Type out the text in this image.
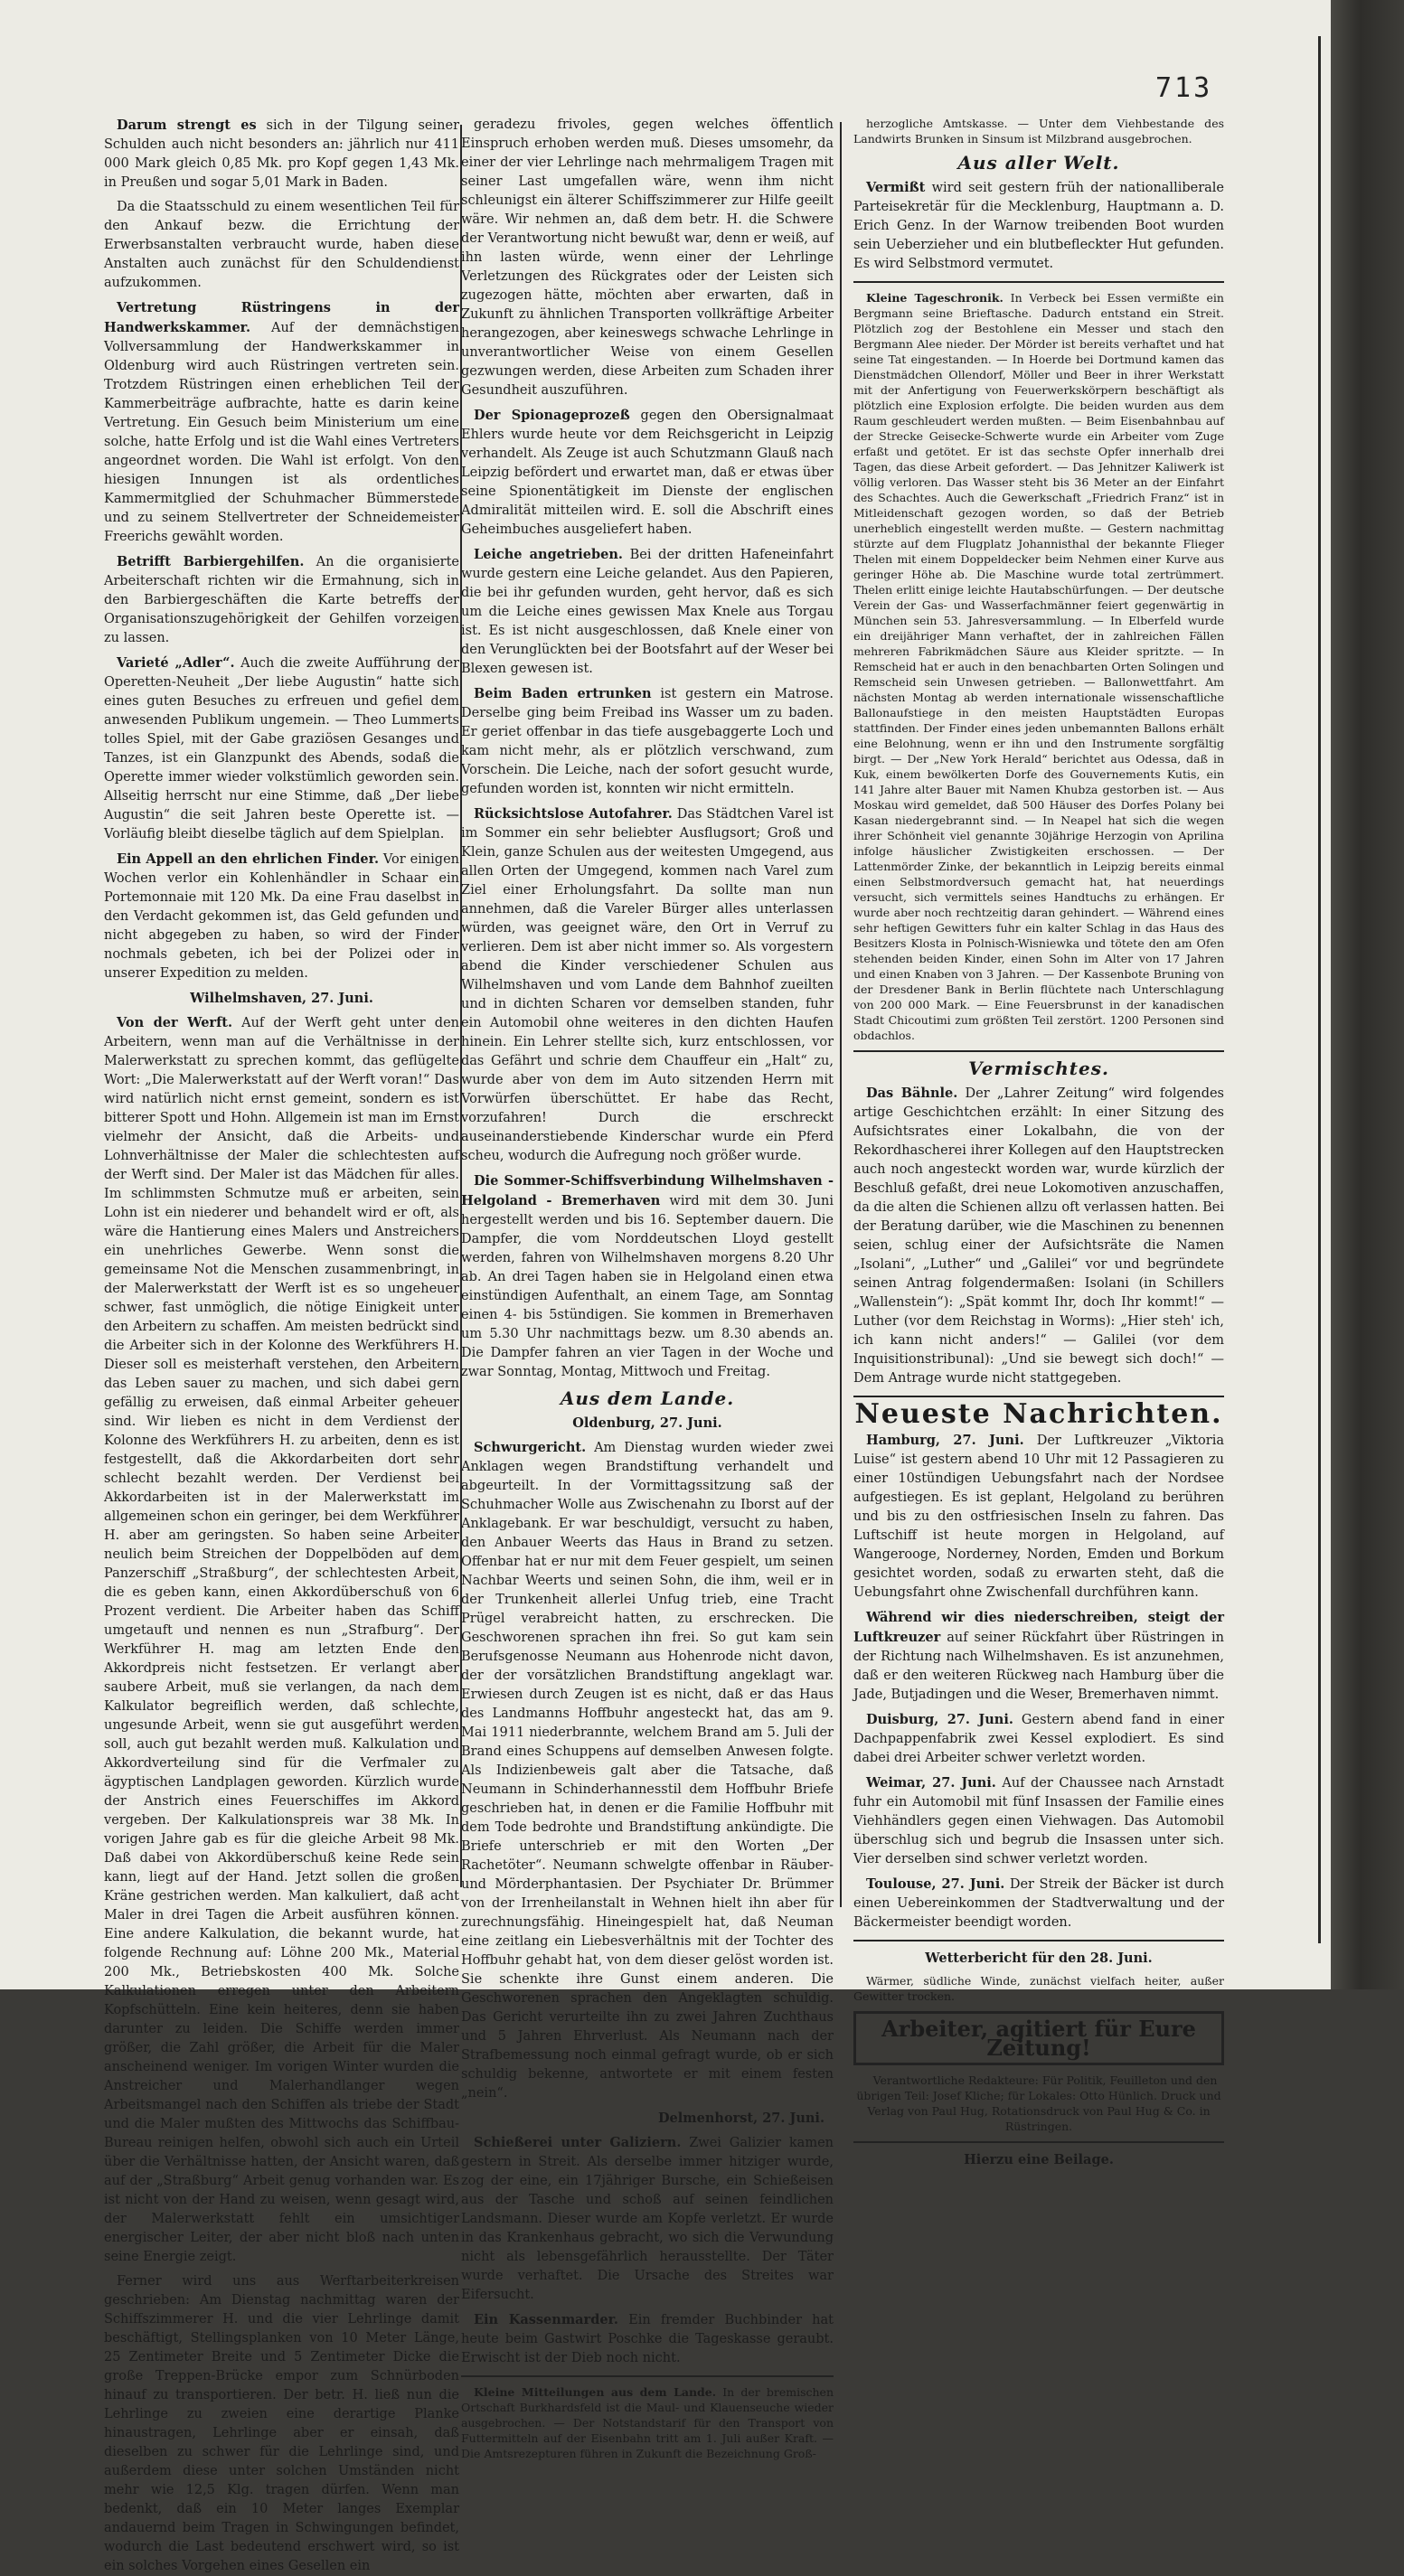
713

Darum strengt es sich in der Tilgung seiner Schulden auch nicht besonders an: jährlich nur 411 000 Mark gleich 0,85 Mk. pro Kopf gegen 1,43 Mk. in Preußen und sogar 5,01 Mark in Baden.

Da die Staatsschuld zu einem wesentlichen Teil für den Ankauf bezw. die Errichtung der Erwerbsanstalten verbraucht wurde, haben diese Anstalten auch zunächst für den Schuldendienst aufzukommen.

Vertretung Rüstringens in der Handwerkskammer. Auf der demnächstigen Vollversammlung der Handwerkskammer in Oldenburg wird auch Rüstringen vertreten sein. Trotzdem Rüstringen einen erheblichen Teil der Kammerbeiträge aufbrachte, hatte es darin keine Vertretung. Ein Gesuch beim Ministerium um eine solche, hatte Erfolg und ist die Wahl eines Vertreters angeordnet worden. Die Wahl ist erfolgt. Von den hiesigen Innungen ist als ordentliches Kammermitglied der Schuhmacher Bümmerstede und zu seinem Stellvertreter der Schneidemeister Freerichs gewählt worden.

Betrifft Barbiergehilfen. An die organisierte Arbeiterschaft richten wir die Ermahnung, sich in den Barbiergeschäften die Karte betreffs der Organisationszugehörigkeit der Gehilfen vorzeigen zu lassen.

Varieté „Adler“. Auch die zweite Aufführung der Operetten-Neuheit „Der liebe Augustin“ hatte sich eines guten Besuches zu erfreuen und gefiel dem anwesenden Publikum ungemein. — Theo Lummerts tolles Spiel, mit der Gabe graziösen Gesanges und Tanzes, ist ein Glanzpunkt des Abends, sodaß die Operette immer wieder volkstümlich geworden sein. Allseitig herrscht nur eine Stimme, daß „Der liebe Augustin“ die seit Jahren beste Operette ist. — Vorläufig bleibt dieselbe täglich auf dem Spielplan.

Ein Appell an den ehrlichen Finder. Vor einigen Wochen verlor ein Kohlenhändler in Schaar ein Portemonnaie mit 120 Mk. Da eine Frau daselbst in den Verdacht gekommen ist, das Geld gefunden und nicht abgegeben zu haben, so wird der Finder nochmals gebeten, ich bei der Polizei oder in unserer Expedition zu melden.

Wilhelmshaven, 27. Juni.

Von der Werft. Auf der Werft geht unter den Arbeitern, wenn man auf die Verhältnisse in der Malerwerkstatt zu sprechen kommt, das geflügelte Wort: „Die Malerwerkstatt auf der Werft voran!“ Das wird natürlich nicht ernst gemeint, sondern es ist bitterer Spott und Hohn. Allgemein ist man im Ernst vielmehr der Ansicht, daß die Arbeits- und Lohnverhältnisse der Maler die schlechtesten auf der Werft sind. Der Maler ist das Mädchen für alles. Im schlimmsten Schmutze muß er arbeiten, sein Lohn ist ein niederer und behandelt wird er oft, als wäre die Hantierung eines Malers und Anstreichers ein unehrliches Gewerbe. Wenn sonst die gemeinsame Not die Menschen zusammenbringt, in der Malerwerkstatt der Werft ist es so ungeheuer schwer, fast unmöglich, die nötige Einigkeit unter den Arbeitern zu schaffen. Am meisten bedrückt sind die Arbeiter sich in der Kolonne des Werkführers H. Dieser soll es meisterhaft verstehen, den Arbeitern das Leben sauer zu machen, und sich dabei gern gefällig zu erweisen, daß einmal Arbeiter geheuer sind. Wir lieben es nicht in dem Verdienst der Kolonne des Werkführers H. zu arbeiten, denn es ist festgestellt, daß die Akkordarbeiten dort sehr schlecht bezahlt werden. Der Verdienst bei Akkordarbeiten ist in der Malerwerkstatt im allgemeinen schon ein geringer, bei dem Werkführer H. aber am geringsten. So haben seine Arbeiter neulich beim Streichen der Doppelböden auf dem Panzerschiff „Straßburg“, der schlechtesten Arbeit, die es geben kann, einen Akkordüberschuß von 6 Prozent verdient. Die Arbeiter haben das Schiff umgetauft und nennen es nun „Strafburg“. Der Werkführer H. mag am letzten Ende den Akkordpreis nicht festsetzen. Er verlangt aber saubere Arbeit, muß sie verlangen, da nach dem Kalkulator begreiflich werden, daß schlechte, ungesunde Arbeit, wenn sie gut ausgeführt werden soll, auch gut bezahlt werden muß. Kalkulation und Akkordverteilung sind für die Verfmaler zu ägyptischen Landplagen geworden. Kürzlich wurde der Anstrich eines Feuerschiffes im Akkord vergeben. Der Kalkulationspreis war 38 Mk. In vorigen Jahre gab es für die gleiche Arbeit 98 Mk. Daß dabei von Akkordüberschuß keine Rede sein kann, liegt auf der Hand. Jetzt sollen die großen Kräne gestrichen werden. Man kalkuliert, daß acht Maler in drei Tagen die Arbeit ausführen können. Eine andere Kalkulation, die bekannt wurde, hat folgende Rechnung auf: Löhne 200 Mk., Material 200 Mk., Betriebskosten 400 Mk. Solche Kalkulationen erregen unter den Arbeitern Kopfschütteln. Eine kein heiteres, denn sie haben darunter zu leiden. Die Schiffe werden immer größer, die Zahl größer, die Arbeit für die Maler anscheinend weniger. Im vorigen Winter wurden die Anstreicher und Malerhandlanger wegen Arbeitsmangel nach den Schiffen als triebe der Stadt und die Maler mußten des Mittwochs das Schiffbau-Bureau reinigen helfen, obwohl sich auch ein Urteil über die Verhältnisse hatten, der Ansicht waren, daß auf der „Straßburg“ Arbeit genug vorhanden war. Es ist nicht von der Hand zu weisen, wenn gesagt wird, der Malerwerkstatt fehlt ein umsichtiger energischer Leiter, der aber nicht bloß nach unten seine Energie zeigt.

Ferner wird uns aus Werftarbeiterkreisen geschrieben: Am Dienstag nachmittag waren der Schiffszimmerer H. und die vier Lehrlinge damit beschäftigt, Stellingsplanken von 10 Meter Länge, 25 Zentimeter Breite und 5 Zentimeter Dicke die große Treppen-Brücke empor zum Schnürboden hinauf zu transportieren. Der betr. H. ließ nun die Lehrlinge zu zweien eine derartige Planke hinaustragen, Lehrlinge aber er einsah, daß dieselben zu schwer für die Lehrlinge sind, und außerdem diese unter solchen Umständen nicht mehr wie 12,5 Klg. tragen dürfen. Wenn man bedenkt, daß ein 10 Meter langes Exemplar andauernd beim Tragen in Schwingungen befindet, wodurch die Last bedeutend erschwert wird, so ist ein solches Vorgehen eines Gesellen ein

geradezu frivoles, gegen welches öffentlich Einspruch erhoben werden muß. Dieses umsomehr, da einer der vier Lehrlinge nach mehrmaligem Tragen mit seiner Last umgefallen wäre, wenn ihm nicht schleunigst ein älterer Schiffszimmerer zur Hilfe geeilt wäre. Wir nehmen an, daß dem betr. H. die Schwere der Verantwortung nicht bewußt war, denn er weiß, auf ihn lasten würde, wenn einer der Lehrlinge Verletzungen des Rückgrates oder der Leisten sich zugezogen hätte, möchten aber erwarten, daß in Zukunft zu ähnlichen Transporten vollkräftige Arbeiter herangezogen, aber keineswegs schwache Lehrlinge in unverantwortlicher Weise von einem Gesellen gezwungen werden, diese Arbeiten zum Schaden ihrer Gesundheit auszuführen.

Der Spionageprozeß gegen den Obersignalmaat Ehlers wurde heute vor dem Reichsgericht in Leipzig verhandelt. Als Zeuge ist auch Schutzmann Glauß nach Leipzig befördert und erwartet man, daß er etwas über seine Spionentätigkeit im Dienste der englischen Admiralität mitteilen wird. E. soll die Abschrift eines Geheimbuches ausgeliefert haben.

Leiche angetrieben. Bei der dritten Hafeneinfahrt wurde gestern eine Leiche gelandet. Aus den Papieren, die bei ihr gefunden wurden, geht hervor, daß es sich um die Leiche eines gewissen Max Knele aus Torgau ist. Es ist nicht ausgeschlossen, daß Knele einer von den Verunglückten bei der Bootsfahrt auf der Weser bei Blexen gewesen ist.

Beim Baden ertrunken ist gestern ein Matrose. Derselbe ging beim Freibad ins Wasser um zu baden. Er geriet offenbar in das tiefe ausgebaggerte Loch und kam nicht mehr, als er plötzlich verschwand, zum Vorschein. Die Leiche, nach der sofort gesucht wurde, gefunden worden ist, konnten wir nicht ermitteln.

Rücksichtslose Autofahrer. Das Städtchen Varel ist im Sommer ein sehr beliebter Ausflugsort; Groß und Klein, ganze Schulen aus der weitesten Umgegend, aus allen Orten der Umgegend, kommen nach Varel zum Ziel einer Erholungsfahrt. Da sollte man nun annehmen, daß die Vareler Bürger alles unterlassen würden, was geeignet wäre, den Ort in Verruf zu verlieren. Dem ist aber nicht immer so. Als vorgestern abend die Kinder verschiedener Schulen aus Wilhelmshaven und vom Lande dem Bahnhof zueilten und in dichten Scharen vor demselben standen, fuhr ein Automobil ohne weiteres in den dichten Haufen hinein. Ein Lehrer stellte sich, kurz entschlossen, vor das Gefährt und schrie dem Chauffeur ein „Halt“ zu, wurde aber von dem im Auto sitzenden Herrn mit Vorwürfen überschüttet. Er habe das Recht, vorzufahren! Durch die erschreckt auseinanderstiebende Kinderschar wurde ein Pferd scheu, wodurch die Aufregung noch größer wurde.

Die Sommer-Schiffsverbindung Wilhelmshaven - Helgoland - Bremerhaven wird mit dem 30. Juni hergestellt werden und bis 16. September dauern. Die Dampfer, die vom Norddeutschen Lloyd gestellt werden, fahren von Wilhelmshaven morgens 8.20 Uhr ab. An drei Tagen haben sie in Helgoland einen etwa einstündigen Aufenthalt, an einem Tage, am Sonntag einen 4- bis 5stündigen. Sie kommen in Bremerhaven um 5.30 Uhr nachmittags bezw. um 8.30 abends an. Die Dampfer fahren an vier Tagen in der Woche und zwar Sonntag, Montag, Mittwoch und Freitag.

Aus dem Lande.
Oldenburg, 27. Juni.

Schwurgericht. Am Dienstag wurden wieder zwei Anklagen wegen Brandstiftung verhandelt und abgeurteilt. In der Vormittagssitzung saß der Schuhmacher Wolle aus Zwischenahn zu Iborst auf der Anklagebank. Er war beschuldigt, versucht zu haben, den Anbauer Weerts das Haus in Brand zu setzen. Offenbar hat er nur mit dem Feuer gespielt, um seinen Nachbar Weerts und seinen Sohn, die ihm, weil er in der Trunkenheit allerlei Unfug trieb, eine Tracht Prügel verabreicht hatten, zu erschrecken. Die Geschworenen sprachen ihn frei. So gut kam sein Berufsgenosse Neumann aus Hohenrode nicht davon, der der vorsätzlichen Brandstiftung angeklagt war. Erwiesen durch Zeugen ist es nicht, daß er das Haus des Landmanns Hoffbuhr angesteckt hat, das am 9. Mai 1911 niederbrannte, welchem Brand am 5. Juli der Brand eines Schuppens auf demselben Anwesen folgte. Als Indizienbeweis galt aber die Tatsache, daß Neumann in Schinderhannesstil dem Hoffbuhr Briefe geschrieben hat, in denen er die Familie Hoffbuhr mit dem Tode bedrohte und Brandstiftung ankündigte. Die Briefe unterschrieb er mit den Worten „Der Rachetöter“. Neumann schwelgte offenbar in Räuber- und Mörderphantasien. Der Psychiater Dr. Brümmer von der Irrenheilanstalt in Wehnen hielt ihn aber für zurechnungsfähig. Hineingespielt hat, daß Neuman eine zeitlang ein Liebesverhältnis mit der Tochter des Hoffbuhr gehabt hat, von dem dieser gelöst worden ist. Sie schenkte ihre Gunst einem anderen. Die Geschworenen sprachen den Angeklagten schuldig. Das Gericht verurteilte ihn zu zwei Jahren Zuchthaus und 5 Jahren Ehrverlust. Als Neumann nach der Strafbemessung noch einmal gefragt wurde, ob er sich schuldig bekenne, antwortete er mit einem festen „nein“.

Delmenhorst, 27. Juni.

Schießerei unter Galiziern. Zwei Galizier kamen gestern in Streit. Als derselbe immer hitziger wurde, zog der eine, ein 17jähriger Bursche, ein Schießeisen aus der Tasche und schoß auf seinen feindlichen Landsmann. Dieser wurde am Kopfe verletzt. Er wurde in das Krankenhaus gebracht, wo sich die Verwundung nicht als lebensgefährlich herausstellte. Der Täter wurde verhaftet. Die Ursache des Streites war Eifersucht.

Ein Kassenmarder. Ein fremder Buchbinder hat heute beim Gastwirt Poschke die Tageskasse geraubt. Erwischt ist der Dieb noch nicht.

Kleine Mitteilungen aus dem Lande. In der bremischen Ortschaft Burkhardsfeld ist die Maul- und Klauenseuche wieder ausgebrochen. — Der Notstandstarif für den Transport von Futtermitteln auf der Eisenbahn tritt am 1. Juli außer Kraft. — Die Amtsrezepturen führen in Zukunft die Bezeichnung Groß-

herzogliche Amtskasse. — Unter dem Viehbestande des Landwirts Brunken in Sinsum ist Milzbrand ausgebrochen.

Aus aller Welt.

Vermißt wird seit gestern früh der nationalliberale Parteisekretär für die Mecklenburg, Hauptmann a. D. Erich Genz. In der Warnow treibenden Boot wurden sein Ueberzieher und ein blutbefleckter Hut gefunden. Es wird Selbstmord vermutet.

Kleine Tageschronik. In Verbeck bei Essen vermißte ein Bergmann seine Brieftasche. Dadurch entstand ein Streit. Plötzlich zog der Bestohlene ein Messer und stach den Bergmann Alee nieder. Der Mörder ist bereits verhaftet und hat seine Tat eingestanden. — In Hoerde bei Dortmund kamen das Dienstmädchen Ollendorf, Möller und Beer in ihrer Werkstatt mit der Anfertigung von Feuerwerkskörpern beschäftigt als plötzlich eine Explosion erfolgte. Die beiden wurden aus dem Raum geschleudert werden mußten. — Beim Eisenbahnbau auf der Strecke Geisecke-Schwerte wurde ein Arbeiter vom Zuge erfaßt und getötet. Er ist das sechste Opfer innerhalb drei Tagen, das diese Arbeit gefordert. — Das Jehnitzer Kaliwerk ist völlig verloren. Das Wasser steht bis 36 Meter an der Einfahrt des Schachtes. Auch die Gewerkschaft „Friedrich Franz“ ist in Mitleidenschaft gezogen worden, so daß der Betrieb unerheblich eingestellt werden mußte. — Gestern nachmittag stürzte auf dem Flugplatz Johannisthal der bekannte Flieger Thelen mit einem Doppeldecker beim Nehmen einer Kurve aus geringer Höhe ab. Die Maschine wurde total zertrümmert. Thelen erlitt einige leichte Hautabschürfungen. — Der deutsche Verein der Gas- und Wasserfachmänner feiert gegenwärtig in München sein 53. Jahresversammlung. — In Elberfeld wurde ein dreijähriger Mann verhaftet, der in zahlreichen Fällen mehreren Fabrikmädchen Säure aus Kleider spritzte. — In Remscheid hat er auch in den benachbarten Orten Solingen und Remscheid sein Unwesen getrieben. — Ballonwettfahrt. Am nächsten Montag ab werden internationale wissenschaftliche Ballonaufstiege in den meisten Hauptstädten Europas stattfinden. Der Finder eines jeden unbemannten Ballons erhält eine Belohnung, wenn er ihn und den Instrumente sorgfältig birgt. — Der „New York Herald“ berichtet aus Odessa, daß in Kuk, einem bewölkerten Dorfe des Gouvernements Kutis, ein 141 Jahre alter Bauer mit Namen Khubza gestorben ist. — Aus Moskau wird gemeldet, daß 500 Häuser des Dorfes Polany bei Kasan niedergebrannt sind. — In Neapel hat sich die wegen ihrer Schönheit viel genannte 30jährige Herzogin von Aprilina infolge häuslicher Zwistigkeiten erschossen. — Der Lattenmörder Zinke, der bekanntlich in Leipzig bereits einmal einen Selbstmordversuch gemacht hat, hat neuerdings versucht, sich vermittels seines Handtuchs zu erhängen. Er wurde aber noch rechtzeitig daran gehindert. — Während eines sehr heftigen Gewitters fuhr ein kalter Schlag in das Haus des Besitzers Klosta in Polnisch-Wisniewka und tötete den am Ofen stehenden beiden Kinder, einen Sohn im Alter von 17 Jahren und einen Knaben von 3 Jahren. — Der Kassenbote Bruning von der Dresdener Bank in Berlin flüchtete nach Unterschlagung von 200 000 Mark. — Eine Feuersbrunst in der kanadischen Stadt Chicoutimi zum größten Teil zerstört. 1200 Personen sind obdachlos.

Vermischtes.

Das Bähnle. Der „Lahrer Zeitung“ wird folgendes artige Geschichtchen erzählt: In einer Sitzung des Aufsichtsrates einer Lokalbahn, die von der Rekordhascherei ihrer Kollegen auf den Hauptstrecken auch noch angesteckt worden war, wurde kürzlich der Beschluß gefaßt, drei neue Lokomotiven anzuschaffen, da die alten die Schienen allzu oft verlassen hatten. Bei der Beratung darüber, wie die Maschinen zu benennen seien, schlug einer der Aufsichtsräte die Namen „Isolani“, „Luther“ und „Galilei“ vor und begründete seinen Antrag folgendermaßen: Isolani (in Schillers „Wallenstein“): „Spät kommt Ihr, doch Ihr kommt!“ — Luther (vor dem Reichstag in Worms): „Hier steh' ich, ich kann nicht anders!“ — Galilei (vor dem Inquisitionstribunal): „Und sie bewegt sich doch!“ — Dem Antrage wurde nicht stattgegeben.

Neueste Nachrichten.

Hamburg, 27. Juni. Der Luftkreuzer „Viktoria Luise“ ist gestern abend 10 Uhr mit 12 Passagieren zu einer 10stündigen Uebungsfahrt nach der Nordsee aufgestiegen. Es ist geplant, Helgoland zu berühren und bis zu den ostfriesischen Inseln zu fahren. Das Luftschiff ist heute morgen in Helgoland, auf Wangerooge, Norderney, Norden, Emden und Borkum gesichtet worden, sodaß zu erwarten steht, daß die Uebungsfahrt ohne Zwischenfall durchführen kann.

Während wir dies niederschreiben, steigt der Luftkreuzer auf seiner Rückfahrt über Rüstringen in der Richtung nach Wilhelmshaven. Es ist anzunehmen, daß er den weiteren Rückweg nach Hamburg über die Jade, Butjadingen und die Weser, Bremerhaven nimmt.

Duisburg, 27. Juni. Gestern abend fand in einer Dachpappenfabrik zwei Kessel explodiert. Es sind dabei drei Arbeiter schwer verletzt worden.

Weimar, 27. Juni. Auf der Chaussee nach Arnstadt fuhr ein Automobil mit fünf Insassen der Familie eines Viehhändlers gegen einen Viehwagen. Das Automobil überschlug sich und begrub die Insassen unter sich. Vier derselben sind schwer verletzt worden.

Toulouse, 27. Juni. Der Streik der Bäcker ist durch einen Uebereinkommen der Stadtverwaltung und der Bäckermeister beendigt worden.

Wetterbericht für den 28. Juni.

Wärmer, südliche Winde, zunächst vielfach heiter, außer Gewitter trocken.

Arbeiter, agitiert für Eure Zeitung!

Verantwortliche Redakteure: Für Politik, Feuilleton und den übrigen Teil: Josef Kliche; für Lokales: Otto Hünlich. Druck und Verlag von Paul Hug, Rotationsdruck von Paul Hug & Co. in Rüstringen.

Hierzu eine Beilage.
